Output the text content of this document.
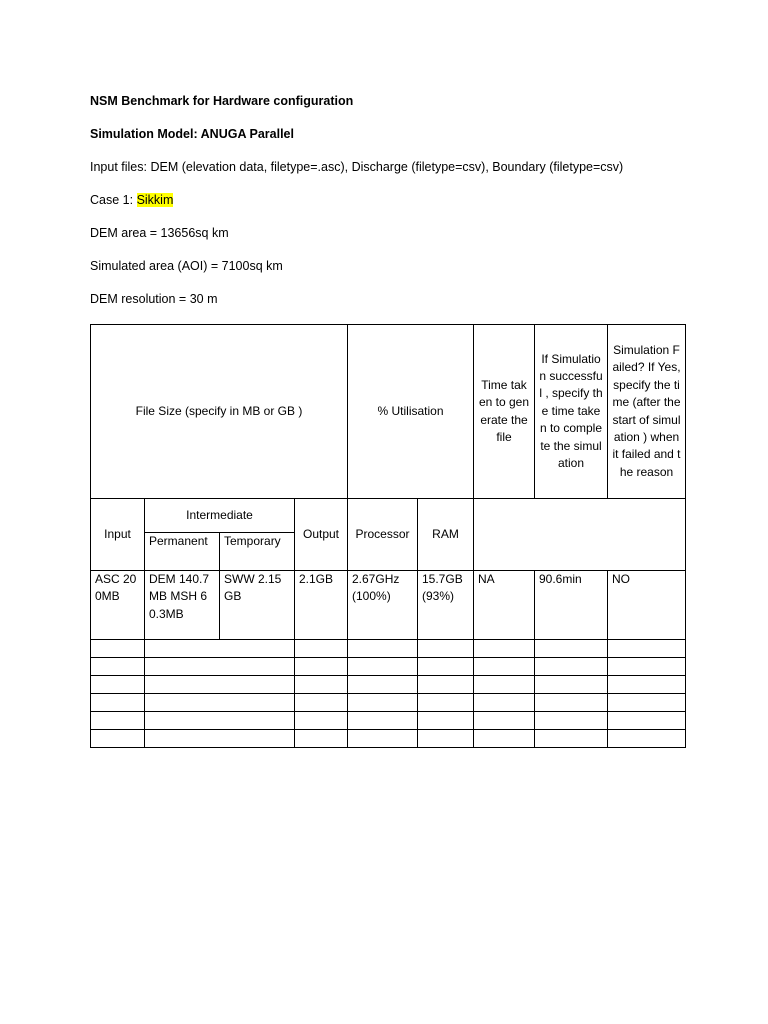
NSM Benchmark for Hardware configuration
Simulation Model: ANUGA Parallel
Input files: DEM (elevation data, filetype=.asc), Discharge (filetype=csv), Boundary (filetype=csv)
Case 1: Sikkim
DEM area = 13656sq km
Simulated area (AOI) = 7100sq km
DEM resolution = 30 m
File Size (specify in MB or GB )				% Utilisation		Time taken to generate the file	If Simulation successful , specify the time taken to complete the simulation	Simulation Failed? If Yes, specify the time (after the start of simulation ) when it failed and the reason
Input	Intermediate		Output	Processor	RAM			
	Permanent	Temporary						
ASC 200MB	DEM 140.7 MB MSH 60.3MB	SWW 2.15GB	2.1GB	2.67GHz (100%)	15.7GB (93%)	NA	90.6min	NO
